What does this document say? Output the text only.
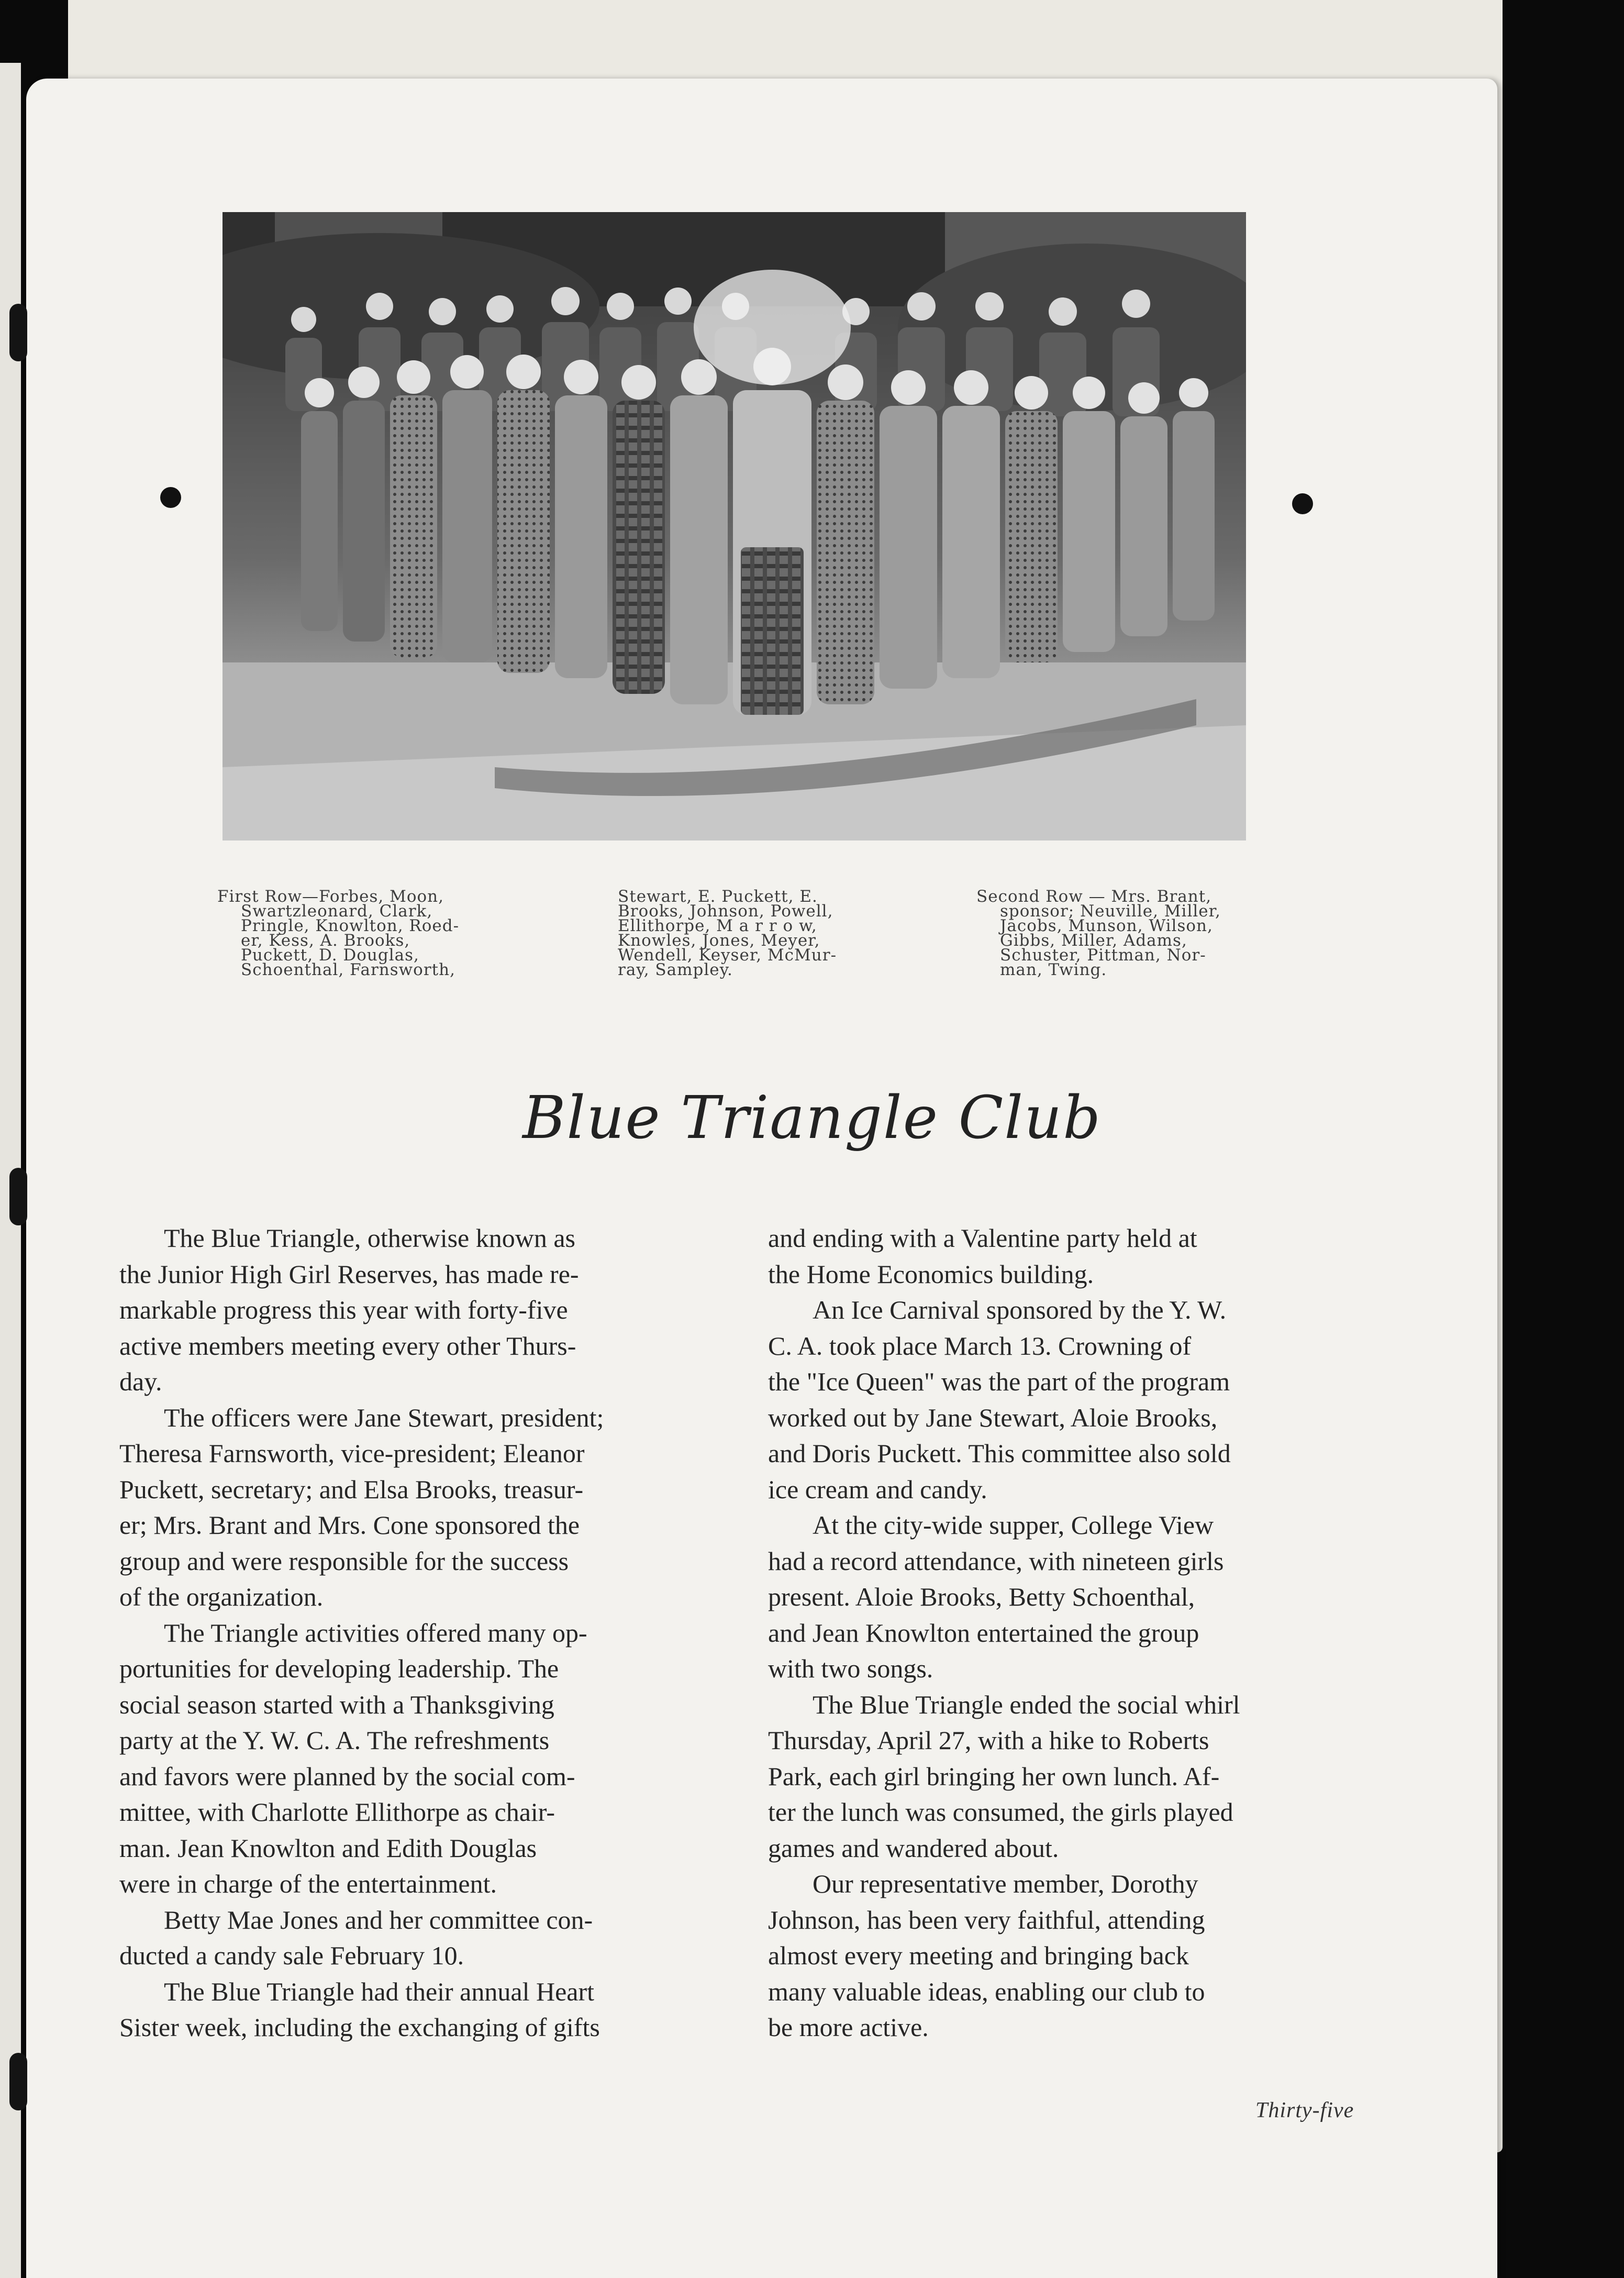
First Row—Forbes, Moon,
Swartzleonard, Clark,
Pringle, Knowlton, Roed-
er, Kess, A. Brooks,
Puckett, D. Douglas,
Schoenthal, Farnsworth,
Stewart, E. Puckett, E.
Brooks, Johnson, Powell,
Ellithorpe, M a r r o w,
Knowles, Jones, Meyer,
Wendell, Keyser, McMur-
ray, Sampley.
Second Row — Mrs. Brant,
sponsor; Neuville, Miller,
Jacobs, Munson, Wilson,
Gibbs, Miller, Adams,
Schuster, Pittman, Nor-
man, Twing.
Blue Triangle Club
The Blue Triangle, otherwise known as
the Junior High Girl Reserves, has made re-
markable progress this year with forty-five
active members meeting every other Thurs-
day.
The officers were Jane Stewart, president;
Theresa Farnsworth, vice-president; Eleanor
Puckett, secretary; and Elsa Brooks, treasur-
er; Mrs. Brant and Mrs. Cone sponsored the
group and were responsible for the success
of the organization.
The Triangle activities offered many op-
portunities for developing leadership. The
social season started with a Thanksgiving
party at the Y. W. C. A. The refreshments
and favors were planned by the social com-
mittee, with Charlotte Ellithorpe as chair-
man. Jean Knowlton and Edith Douglas
were in charge of the entertainment.
Betty Mae Jones and her committee con-
ducted a candy sale February 10.
The Blue Triangle had their annual Heart
Sister week, including the exchanging of gifts
and ending with a Valentine party held at
the Home Economics building.
An Ice Carnival sponsored by the Y. W.
C. A. took place March 13. Crowning of
the "Ice Queen" was the part of the program
worked out by Jane Stewart, Aloie Brooks,
and Doris Puckett. This committee also sold
ice cream and candy.
At the city-wide supper, College View
had a record attendance, with nineteen girls
present. Aloie Brooks, Betty Schoenthal,
and Jean Knowlton entertained the group
with two songs.
The Blue Triangle ended the social whirl
Thursday, April 27, with a hike to Roberts
Park, each girl bringing her own lunch. Af-
ter the lunch was consumed, the girls played
games and wandered about.
Our representative member, Dorothy
Johnson, has been very faithful, attending
almost every meeting and bringing back
many valuable ideas, enabling our club to
be more active.
Thirty-five
